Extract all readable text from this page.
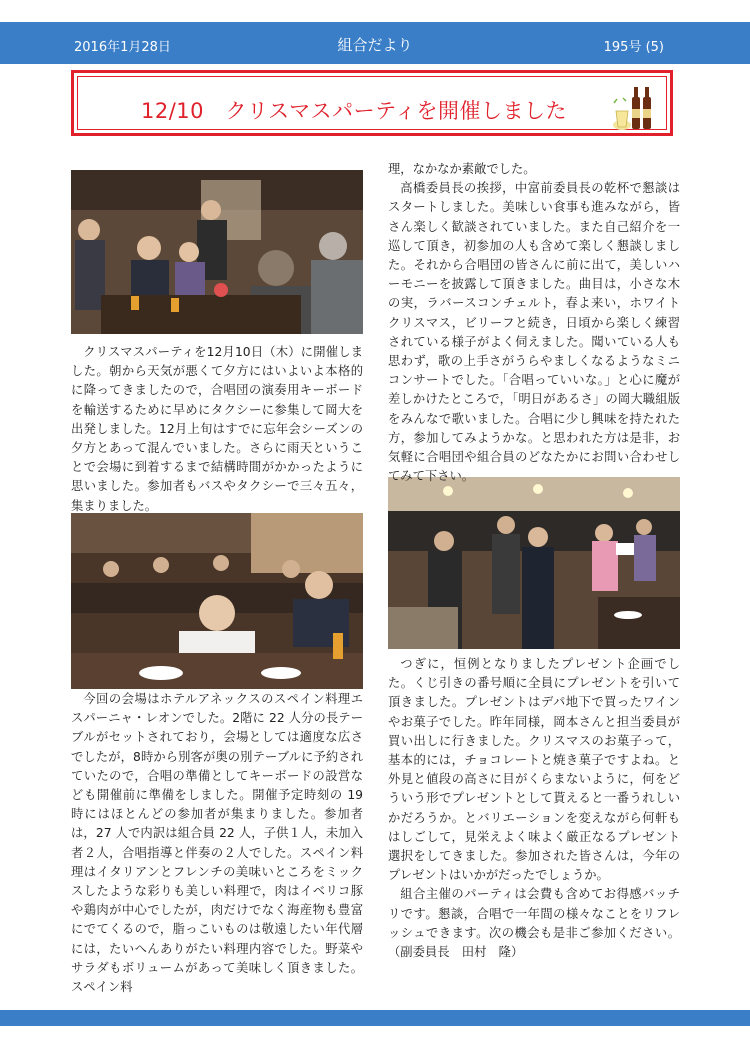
2016年1月28日	組合だより	195号 (5)
12/10　クリスマスパーティを開催しました

クリスマスパーティを12月10日（木）に開催しました。朝から天気が悪くて夕方にはいよいよ本格的に降ってきましたので，合唱団の演奏用キーボードを輸送するために早めにタクシーに参集して岡大を出発しました。12月上旬はすでに忘年会シーズンの夕方とあって混んでいました。さらに雨天ということで会場に到着するまで結構時間がかかったように思いました。参加者もバスやタクシーで三々五々，集まりました。

今回の会場はホテルアネックスのスペイン料理エスパーニャ・レオンでした。2階に 22 人分の長テーブルがセットされており，会場としては適度な広さでしたが，8時から別客が奥の別テーブルに予約されていたので，合唱の準備としてキーボードの設営なども開催前に準備をしました。開催予定時刻の 19 時にはほとんどの参加者が集まりました。参加者は，27 人で内訳は組合員 22 人，子供１人，未加入者２人，合唱指導と伴奏の２人でした。スペイン料理はイタリアンとフレンチの美味いところをミックスしたような彩りも美しい料理で，肉はイベリコ豚や鶏肉が中心でしたが，肉だけでなく海産物も豊富にでてくるので，脂っこいものは敬遠したい年代層には，たいへんありがたい料理内容でした。野菜やサラダもボリュームがあって美味しく頂きました。スペイン料

理，なかなか素敵でした。

高橋委員長の挨拶，中富前委員長の乾杯で懇談はスタートしました。美味しい食事も進みながら，皆さん楽しく歓談されていました。また自己紹介を一巡して頂き，初参加の人も含めて楽しく懇談しました。それから合唱団の皆さんに前に出て，美しいハーモニーを披露して頂きました。曲目は，小さな木の実，ラバースコンチェルト，春よ来い，ホワイトクリスマス，ビリーフと続き，日頃から楽しく練習されている様子がよく伺えました。聞いている人も思わず，歌の上手さがうらやましくなるようなミニコンサートでした。「合唱っていいな。」と心に魔が差しかけたところで，「明日があるさ」の岡大職組版をみんなで歌いました。合唱に少し興味を持たれた方，参加してみようかな。と思われた方は是非，お気軽に合唱団や組合員のどなたかにお問い合わせしてみて下さい。

つぎに，恒例となりましたプレゼント企画でした。くじ引きの番号順に全員にプレゼントを引いて頂きました。プレゼントはデパ地下で買ったワインやお菓子でした。昨年同様，岡本さんと担当委員が買い出しに行きました。クリスマスのお菓子って，基本的には，チョコレートと焼き菓子ですよね。と外見と値段の高さに目がくらまないように，何をどういう形でプレゼントとして貰えると一番うれしいかだろうか。とバリエーションを変えながら何軒もはしごして，見栄えよく味よく厳正なるプレゼント選択をしてきました。参加された皆さんは，今年のプレゼントはいかがだったでしょうか。

組合主催のパーティは会費も含めてお得感バッチリです。懇談，合唱で一年間の様々なことをリフレッシュできます。次の機会も是非ご参加ください。（副委員長　田村　隆）
